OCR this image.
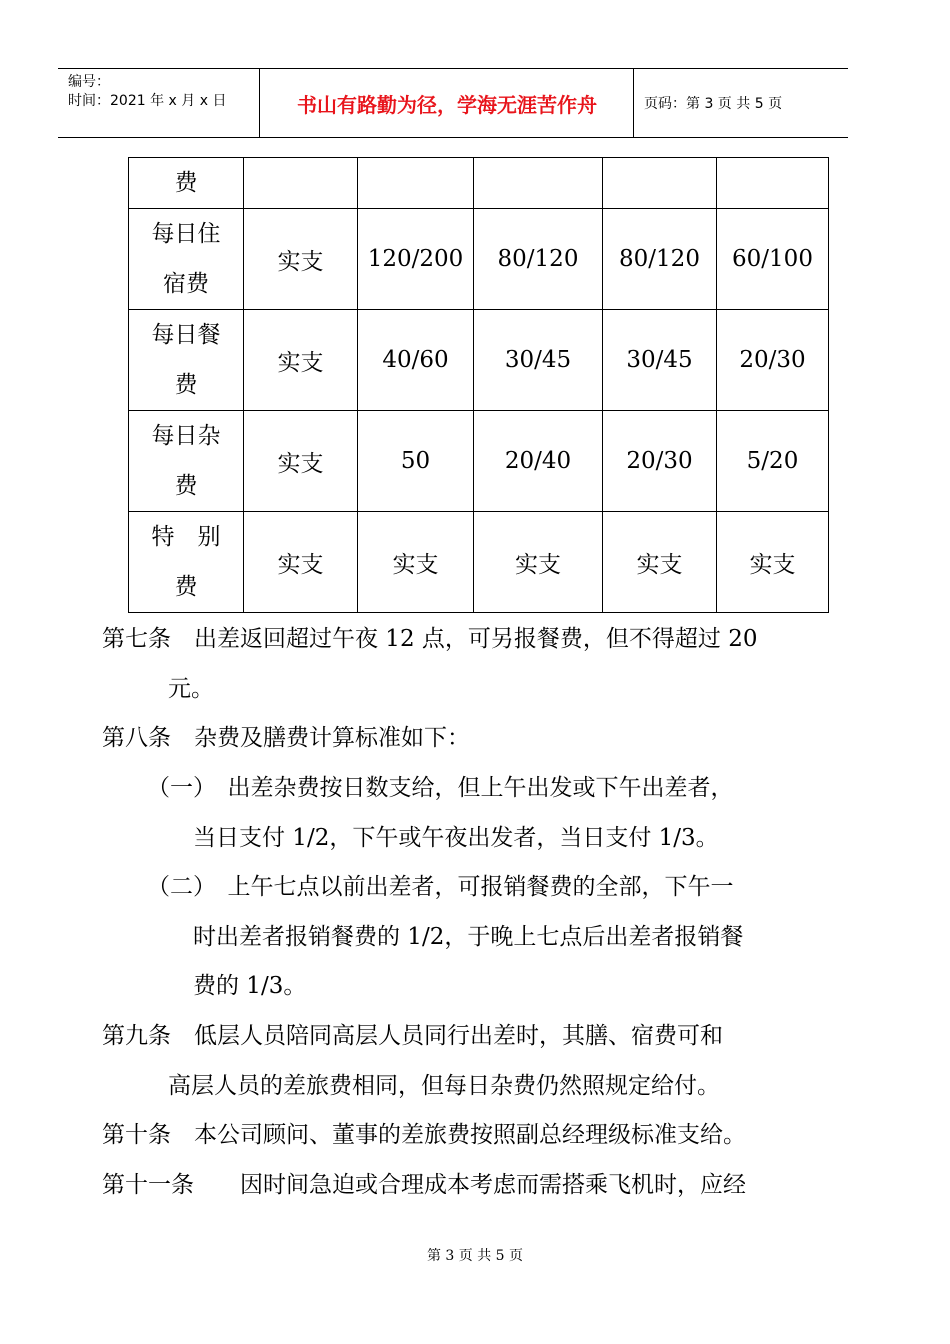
编号：
时间：2021 年 x 月 x 日	书山有路勤为径，学海无涯苦作舟	页码：第 3 页 共 5 页
费					

每日住
宿费	实支	120/200	80/120	80/120	60/100

每日餐
费	实支	40/60	30/45	30/45	20/30

每日杂
费	实支	50	20/40	20/30	5/20

特　别
费	实支	实支	实支	实支	实支
第七条　出差返回超过午夜 12 点，可另报餐费，但不得超过 20
元。
第八条　杂费及膳费计算标准如下：
（一）　出差杂费按日数支给，但上午出发或下午出差者，
当日支付 1/2，下午或午夜出发者，当日支付 1/3。
（二）　上午七点以前出差者，可报销餐费的全部，下午一
时出差者报销餐费的 1/2，于晚上七点后出差者报销餐
费的 1/3。
第九条　低层人员陪同高层人员同行出差时，其膳、宿费可和
高层人员的差旅费相同，但每日杂费仍然照规定给付。
第十条　本公司顾问、董事的差旅费按照副总经理级标准支给。
第十一条　　因时间急迫或合理成本考虑而需搭乘飞机时，应经
第 3 页 共 5 页
